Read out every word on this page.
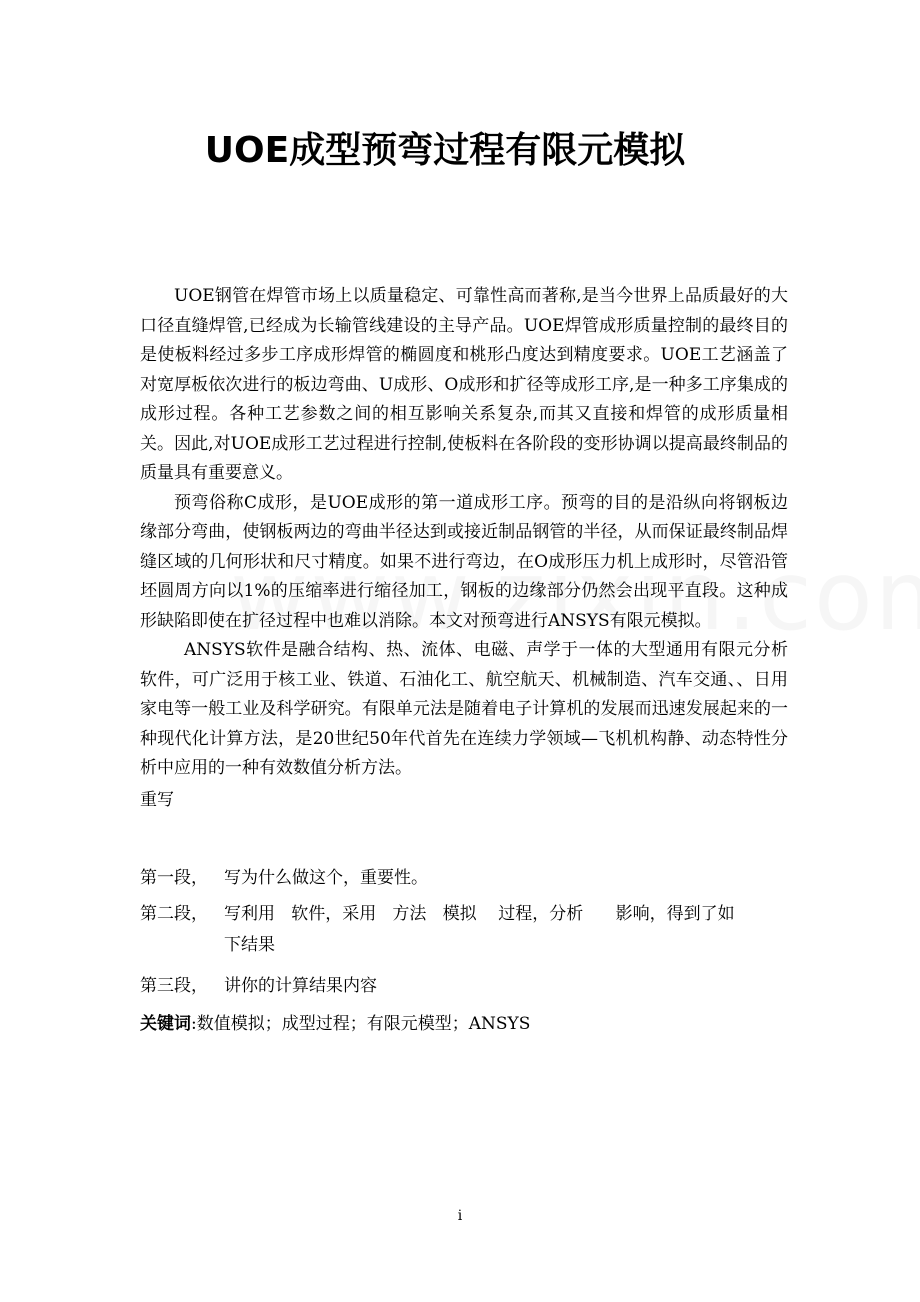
UOE成型预弯过程有限元模拟

UOE钢管在焊管市场上以质量稳定、可靠性高而著称,是当今世界上品质最好的大口径直缝焊管,已经成为长输管线建设的主导产品。UOE焊管成形质量控制的最终目的是使板料经过多步工序成形焊管的椭圆度和桃形凸度达到精度要求。UOE工艺涵盖了对宽厚板依次进行的板边弯曲、U成形、O成形和扩径等成形工序,是一种多工序集成的成形过程。各种工艺参数之间的相互影响关系复杂,而其又直接和焊管的成形质量相关。因此,对UOE成形工艺过程进行控制,使板料在各阶段的变形协调以提高最终制品的质量具有重要意义。

预弯俗称C成形，是UOE成形的第一道成形工序。预弯的目的是沿纵向将钢板边缘部分弯曲，使钢板两边的弯曲半径达到或接近制品钢管的半径，从而保证最终制品焊缝区域的几何形状和尺寸精度。如果不进行弯边，在O成形压力机上成形时，尽管沿管坯圆周方向以1%的压缩率进行缩径加工，钢板的边缘部分仍然会出现平直段。这种成形缺陷即使在扩径过程中也难以消除。本文对预弯进行ANSYS有限元模拟。

ANSYS软件是融合结构、热、流体、电磁、声学于一体的大型通用有限元分析软件，可广泛用于核工业、铁道、石油化工、航空航天、机械制造、汽车交通、、日用家电等一般工业及科学研究。有限单元法是随着电子计算机的发展而迅速发展起来的一种现代化计算方法，是20世纪50年代首先在连续力学领域—飞机机构静、动态特性分析中应用的一种有效数值分析方法。

重写

第一段， 写为什么做这个，重要性。
第二段， 写利用   软件，采用   方法   模拟    过程，分析      影响，得到了如
下结果
第三段， 讲你的计算结果内容
关键词:数值模拟；成型过程；有限元模型；ANSYS
i
